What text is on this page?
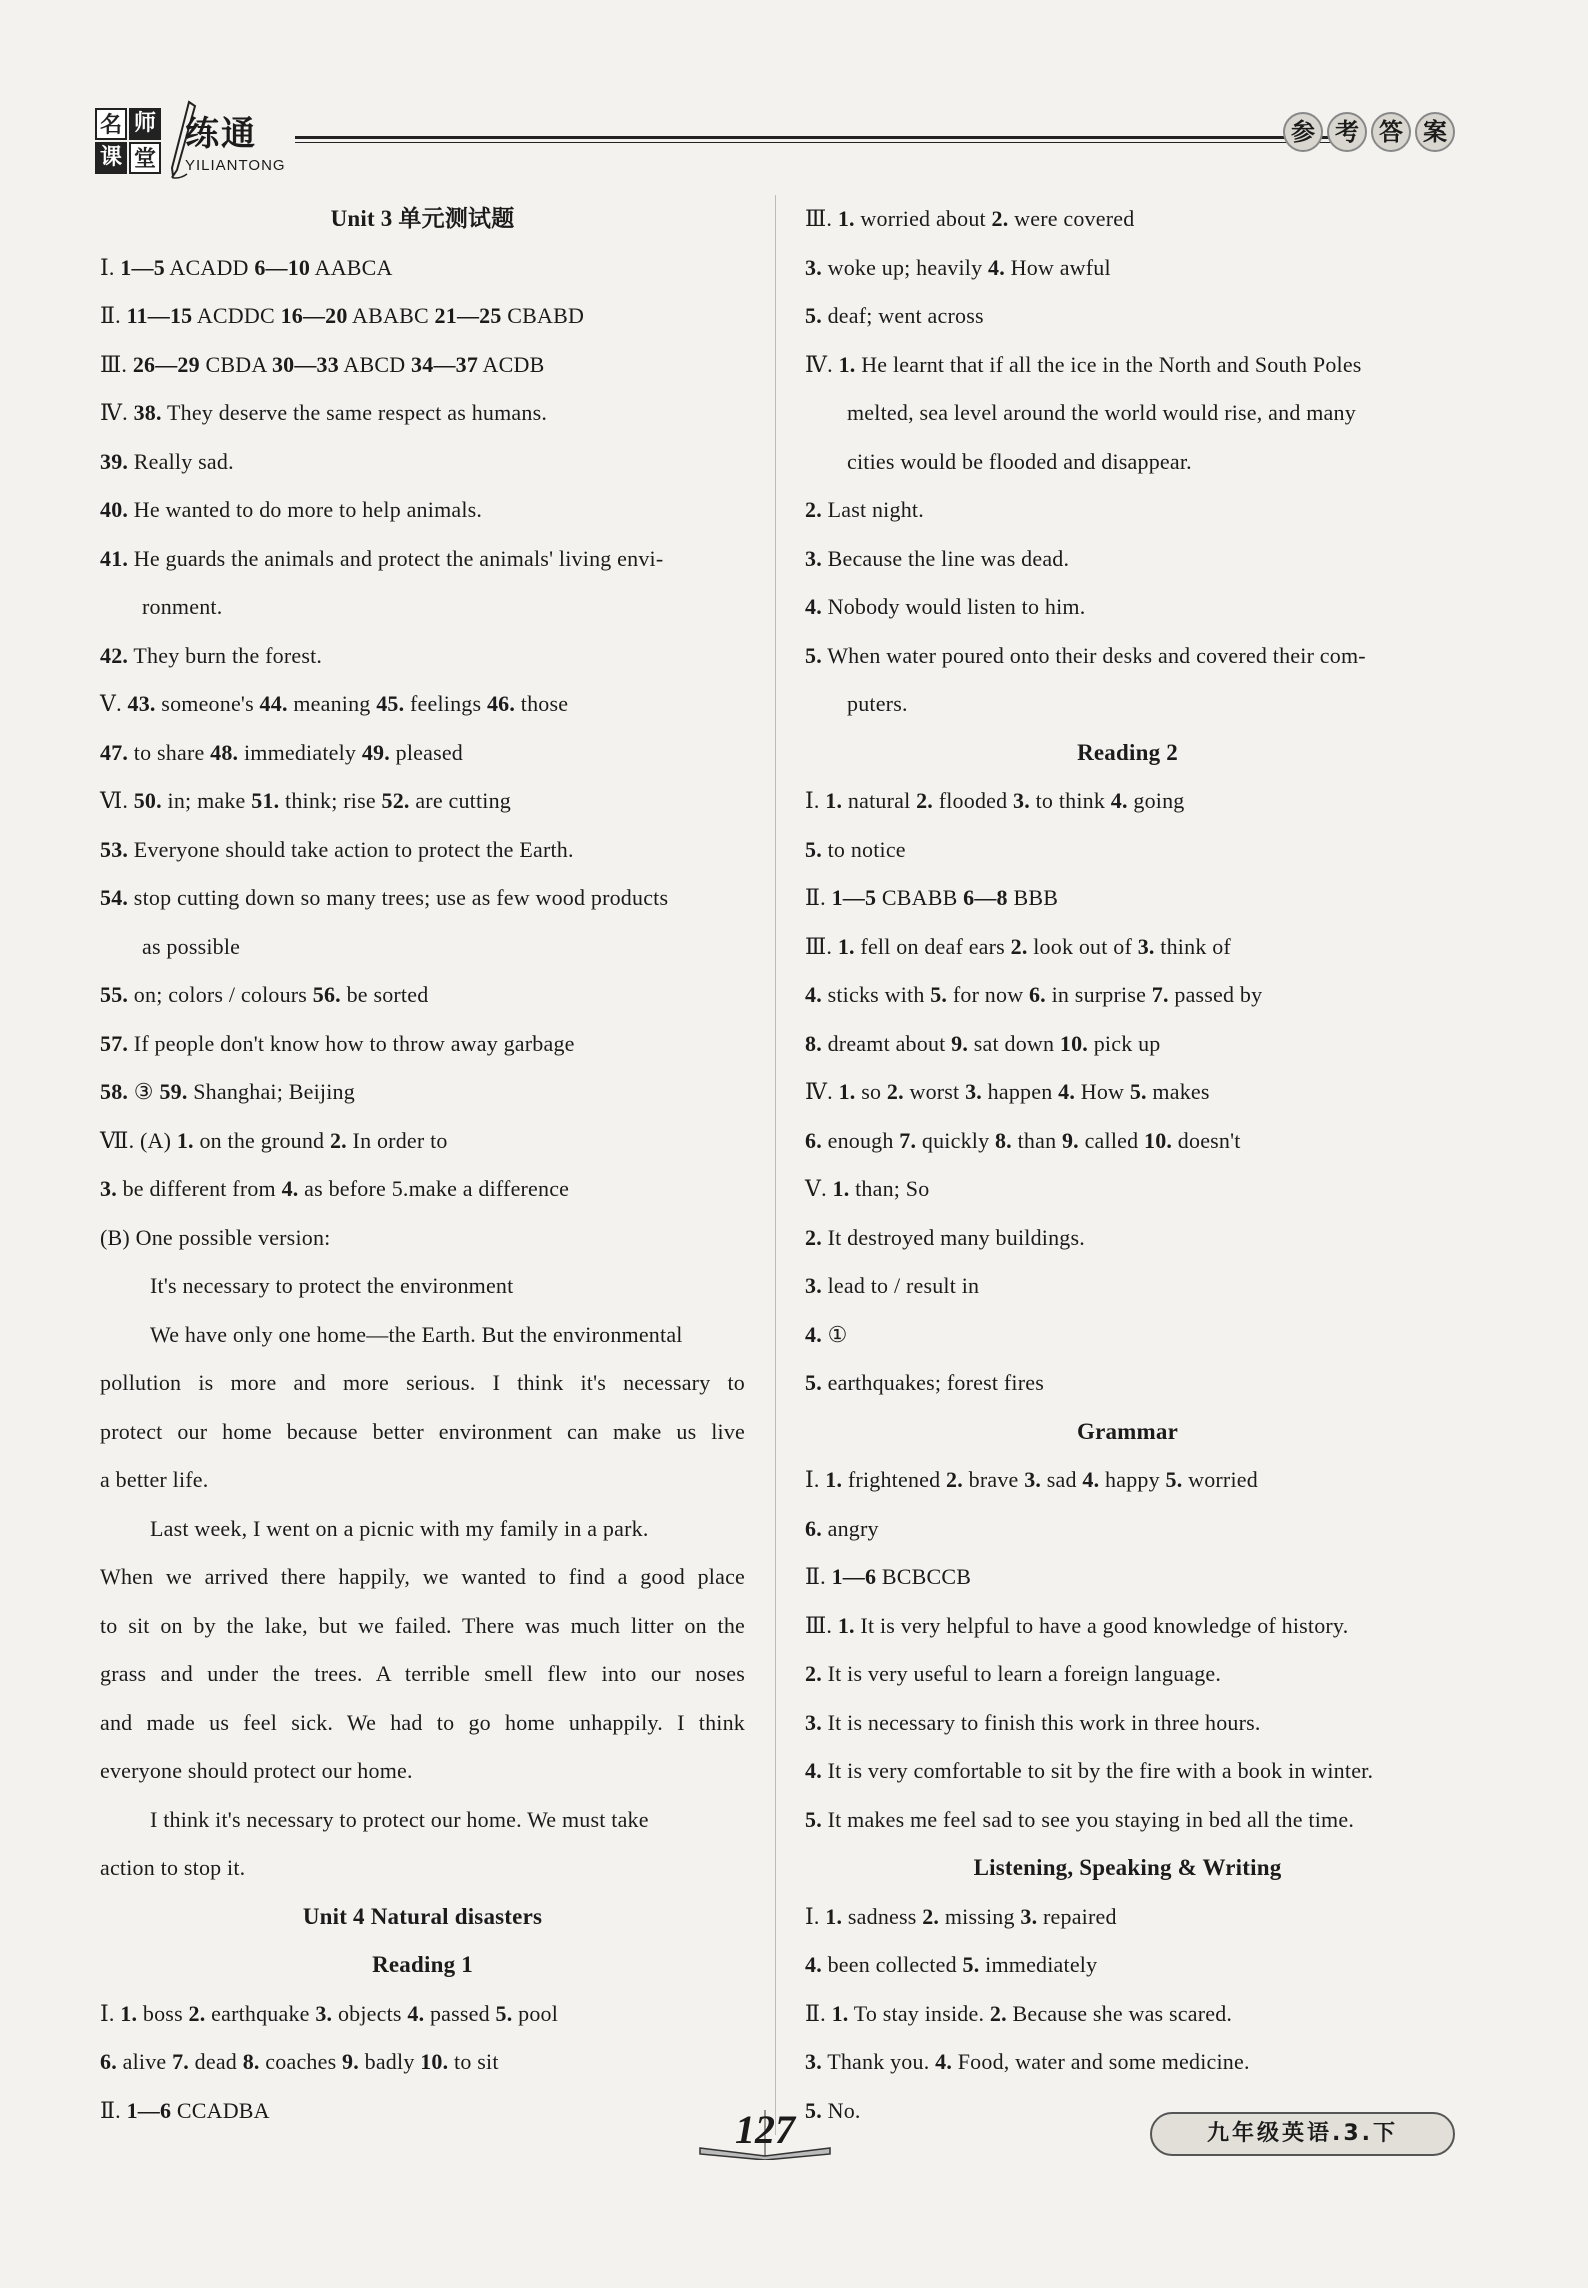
名 师
课 堂
练通
YILIANTONG
参 考 答 案
Unit 3 单元测试题
Ⅰ. 1—5 ACADD 6—10 AABCA
Ⅱ. 11—15 ACDDC 16—20 ABABC 21—25 CBABD
Ⅲ. 26—29 CBDA 30—33 ABCD 34—37 ACDB
Ⅳ. 38. They deserve the same respect as humans.
39. Really sad.
40. He wanted to do more to help animals.
41. He guards the animals and protect the animals' living envi-
ronment.
42. They burn the forest.
Ⅴ. 43. someone's 44. meaning 45. feelings 46. those
47. to share 48. immediately 49. pleased
Ⅵ. 50. in; make 51. think; rise 52. are cutting
53. Everyone should take action to protect the Earth.
54. stop cutting down so many trees; use as few wood products
as possible
55. on; colors / colours 56. be sorted
57. If people don't know how to throw away garbage
58. ③ 59. Shanghai; Beijing
Ⅶ. (A) 1. on the ground 2. In order to
3. be different from 4. as before 5.make a difference
(B) One possible version:
It's necessary to protect the environment
We have only one home—the Earth. But the environmental
pollution is more and more serious. I think it's necessary to
protect our home because better environment can make us live
a better life.
Last week, I went on a picnic with my family in a park.
When we arrived there happily, we wanted to find a good place
to sit on by the lake, but we failed. There was much litter on the
grass and under the trees. A terrible smell flew into our noses
and made us feel sick. We had to go home unhappily. I think
everyone should protect our home.
I think it's necessary to protect our home. We must take
action to stop it.
Unit 4 Natural disasters
Reading 1
Ⅰ. 1. boss 2. earthquake 3. objects 4. passed 5. pool
6. alive 7. dead 8. coaches 9. badly 10. to sit
Ⅱ. 1—6 CCADBA
Ⅲ. 1. worried about 2. were covered
3. woke up; heavily 4. How awful
5. deaf; went across
Ⅳ. 1. He learnt that if all the ice in the North and South Poles
melted, sea level around the world would rise, and many
cities would be flooded and disappear.
2. Last night.
3. Because the line was dead.
4. Nobody would listen to him.
5. When water poured onto their desks and covered their com-
puters.
Reading 2
Ⅰ. 1. natural 2. flooded 3. to think 4. going
5. to notice
Ⅱ. 1—5 CBABB 6—8 BBB
Ⅲ. 1. fell on deaf ears 2. look out of 3. think of
4. sticks with 5. for now 6. in surprise 7. passed by
8. dreamt about 9. sat down 10. pick up
Ⅳ. 1. so 2. worst 3. happen 4. How 5. makes
6. enough 7. quickly 8. than 9. called 10. doesn't
Ⅴ. 1. than; So
2. It destroyed many buildings.
3. lead to / result in
4. ①
5. earthquakes; forest fires
Grammar
Ⅰ. 1. frightened 2. brave 3. sad 4. happy 5. worried
6. angry
Ⅱ. 1—6 BCBCCB
Ⅲ. 1. It is very helpful to have a good knowledge of history.
2. It is very useful to learn a foreign language.
3. It is necessary to finish this work in three hours.
4. It is very comfortable to sit by the fire with a book in winter.
5. It makes me feel sad to see you staying in bed all the time.
Listening, Speaking & Writing
Ⅰ. 1. sadness 2. missing 3. repaired
4. been collected 5. immediately
Ⅱ. 1. To stay inside. 2. Because she was scared.
3. Thank you. 4. Food, water and some medicine.
5. No.
127	九年级英语.3.下
